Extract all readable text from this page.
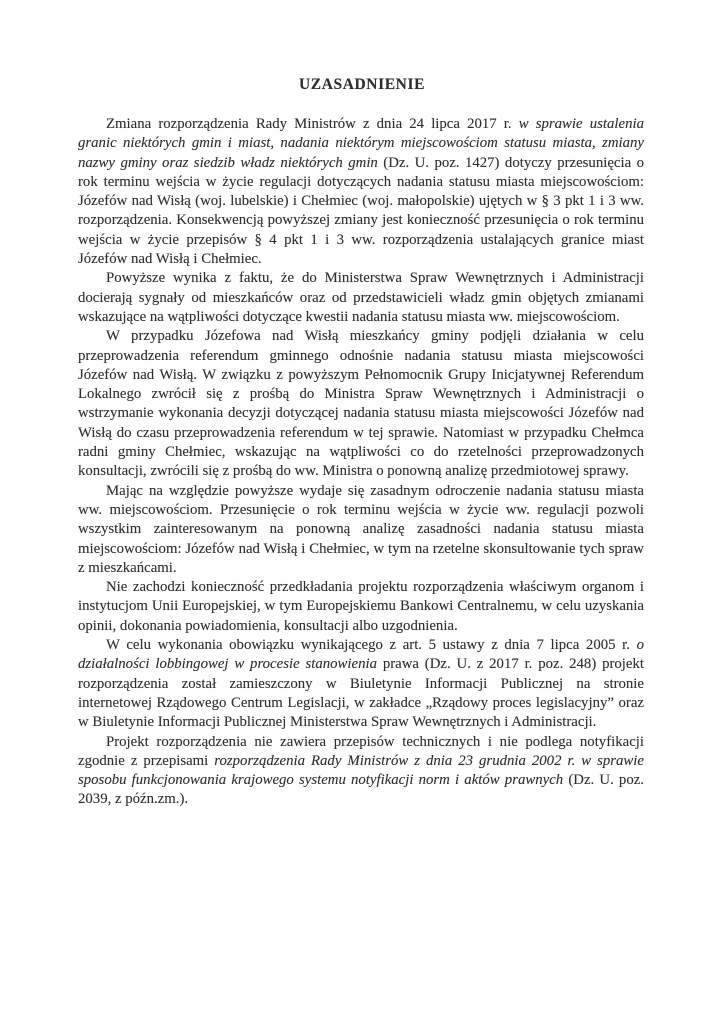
UZASADNIENIE

Zmiana rozporządzenia Rady Ministrów z dnia 24 lipca 2017 r. w sprawie ustalenia granic niektórych gmin i miast, nadania niektórym miejscowościom statusu miasta, zmiany nazwy gminy oraz siedzib władz niektórych gmin (Dz. U. poz. 1427) dotyczy przesunięcia o rok terminu wejścia w życie regulacji dotyczących nadania statusu miasta miejscowościom: Józefów nad Wisłą (woj. lubelskie) i Chełmiec (woj. małopolskie) ujętych w § 3 pkt 1 i 3 ww. rozporządzenia. Konsekwencją powyższej zmiany jest konieczność przesunięcia o rok terminu wejścia w życie przepisów § 4 pkt 1 i 3 ww. rozporządzenia ustalających granice miast Józefów nad Wisłą i Chełmiec.

Powyższe wynika z faktu, że do Ministerstwa Spraw Wewnętrznych i Administracji docierają sygnały od mieszkańców oraz od przedstawicieli władz gmin objętych zmianami wskazujące na wątpliwości dotyczące kwestii nadania statusu miasta ww. miejscowościom.

W przypadku Józefowa nad Wisłą mieszkańcy gminy podjęli działania w celu przeprowadzenia referendum gminnego odnośnie nadania statusu miasta miejscowości Józefów nad Wisłą. W związku z powyższym Pełnomocnik Grupy Inicjatywnej Referendum Lokalnego zwrócił się z prośbą do Ministra Spraw Wewnętrznych i Administracji o wstrzymanie wykonania decyzji dotyczącej nadania statusu miasta miejscowości Józefów nad Wisłą do czasu przeprowadzenia referendum w tej sprawie. Natomiast w przypadku Chełmca radni gminy Chełmiec, wskazując na wątpliwości co do rzetelności przeprowadzonych konsultacji, zwrócili się z prośbą do ww. Ministra o ponowną analizę przedmiotowej sprawy.

Mając na względzie powyższe wydaje się zasadnym odroczenie nadania statusu miasta ww. miejscowościom. Przesunięcie o rok terminu wejścia w życie ww. regulacji pozwoli wszystkim zainteresowanym na ponowną analizę zasadności nadania statusu miasta miejscowościom: Józefów nad Wisłą i Chełmiec, w tym na rzetelne skonsultowanie tych spraw z mieszkańcami.

Nie zachodzi konieczność przedkładania projektu rozporządzenia właściwym organom i instytucjom Unii Europejskiej, w tym Europejskiemu Bankowi Centralnemu, w celu uzyskania opinii, dokonania powiadomienia, konsultacji albo uzgodnienia.

W celu wykonania obowiązku wynikającego z art. 5 ustawy z dnia 7 lipca 2005 r. o działalności lobbingowej w procesie stanowienia prawa (Dz. U. z 2017 r. poz. 248) projekt rozporządzenia został zamieszczony w Biuletynie Informacji Publicznej na stronie internetowej Rządowego Centrum Legislacji, w zakładce „Rządowy proces legislacyjny” oraz w Biuletynie Informacji Publicznej Ministerstwa Spraw Wewnętrznych i Administracji.

Projekt rozporządzenia nie zawiera przepisów technicznych i nie podlega notyfikacji zgodnie z przepisami rozporządzenia Rady Ministrów z dnia 23 grudnia 2002 r. w sprawie sposobu funkcjonowania krajowego systemu notyfikacji norm i aktów prawnych (Dz. U. poz. 2039, z późn.zm.).
